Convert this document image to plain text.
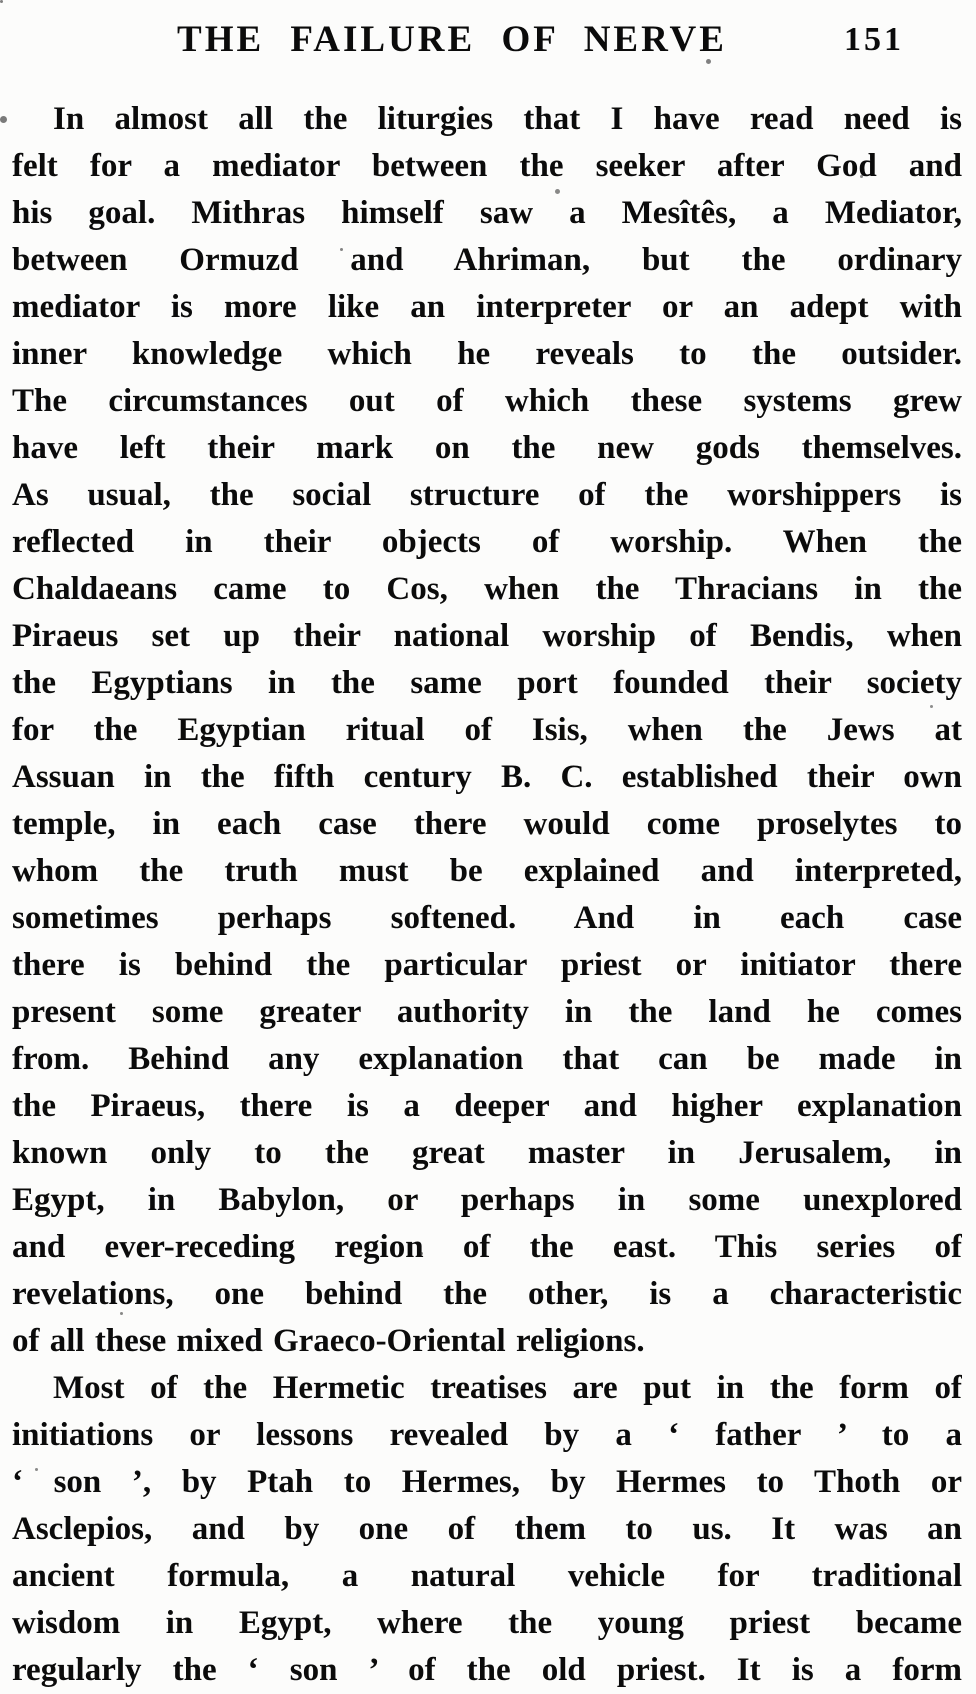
THE FAILURE OF NERVE	151
In almost all the liturgies that I have read need is
felt for a mediator between the seeker after God and
his goal. Mithras himself saw a Mesîtês, a Mediator,
between Ormuzd and Ahriman, but the ordinary
mediator is more like an interpreter or an adept with
inner knowledge which he reveals to the outsider.
The circumstances out of which these systems grew
have left their mark on the new gods themselves.
As usual, the social structure of the worshippers is
reflected in their objects of worship. When the
Chaldaeans came to Cos, when the Thracians in the
Piraeus set up their national worship of Bendis, when
the Egyptians in the same port founded their society
for the Egyptian ritual of Isis, when the Jews at
Assuan in the fifth century B. C. established their own
temple, in each case there would come proselytes to
whom the truth must be explained and interpreted,
sometimes perhaps softened. And in each case
there is behind the particular priest or initiator there
present some greater authority in the land he comes
from. Behind any explanation that can be made in
the Piraeus, there is a deeper and higher explanation
known only to the great master in Jerusalem, in
Egypt, in Babylon, or perhaps in some unexplored
and ever-receding region of the east. This series of
revelations, one behind the other, is a characteristic
of all these mixed Graeco-Oriental religions.
Most of the Hermetic treatises are put in the form of
initiations or lessons revealed by a ‘ father ’ to a
‘ son ’, by Ptah to Hermes, by Hermes to Thoth or
Asclepios, and by one of them to us. It was an
ancient formula, a natural vehicle for traditional
wisdom in Egypt, where the young priest became
regularly the ‘ son ’ of the old priest. It is a form
